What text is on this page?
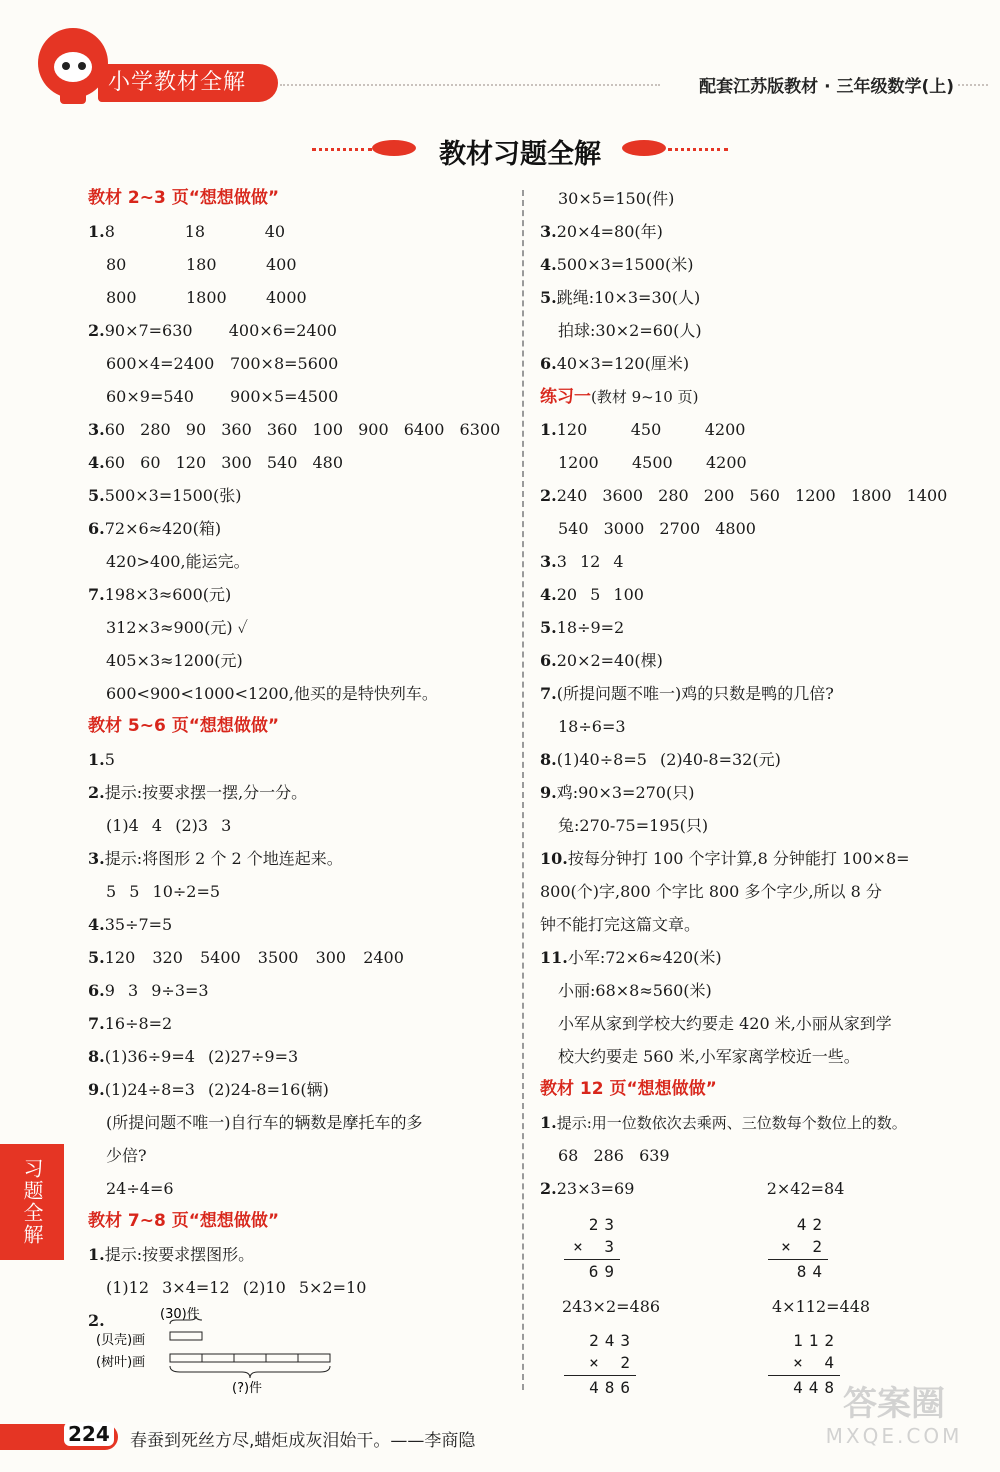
小学教材全解	配套江苏版教材 · 三年级数学(上)
教材习题全解
教材 2~3 页“想想做做”
1.8	18	40
80	180	400
800	1800 4000
2.90×7=630 400×6=2400
600×4=2400 700×8=5600
60×9=540 900×5=4500
3.60 280 90 360 360 100 900 6400 6300
4.60 60 120 300 540 480
5.500×3=1500(张)
6.72×6≈420(箱)
420>400,能运完。
7.198×3≈600(元)
312×3≈900(元) ✓
405×3≈1200(元)
600<900<1000<1200,他买的是特快列车。
教材 5~6 页“想想做做”
1.5
2.提示:按要求摆一摆,分一分。
(1)4 4 (2)3 3
3.提示:将图形 2 个 2 个地连起来。
5 5 10÷2=5
4.35÷7=5
5.120 320 5400 3500 300 2400
6.9 3 9÷3=3
7.16÷8=2
8.(1)36÷9=4 (2)27÷9=3
9.(1)24÷8=3 (2)24-8=16(辆)
(所提问题不唯一)自行车的辆数是摩托车的多
少倍?
24÷4=6
教材 7~8 页“想想做做”
1.提示:按要求摆图形。
(1)12 3×4=12 (2)10 5×2=10
2.	(30)件
(贝壳)画
(树叶)画
(?)件
30×5=150(件)
3.20×4=80(年)
4.500×3=1500(米)
5.跳绳:10×3=30(人)
拍球:30×2=60(人)
6.40×3=120(厘米)
练习一(教材 9~10 页)
1.120	450	4200
1200 4500 4200
2.240 3600 280 200 560 1200 1800 1400
540 3000 2700 4800
3.3 12 4
4.20 5 100
5.18÷9=2
6.20×2=40(棵)
7.(所提问题不唯一)鸡的只数是鸭的几倍?
18÷6=3
8.(1)40÷8=5 (2)40-8=32(元)
9.鸡:90×3=270(只)
兔:270-75=195(只)
10.按每分钟打 100 个字计算,8 分钟能打 100×8=
800(个)字,800 个字比 800 多个字少,所以 8 分
钟不能打完这篇文章。
11.小军:72×6≈420(米)
小丽:68×8≈560(米)
小军从家到学校大约要走 420 米,小丽从家到学
校大约要走 560 米,小军家离学校近一些。
教材 12 页“想想做做”
1.提示:用一位数依次去乘两、三位数每个数位上的数。
68 286 639
2.23×3=69	2×42=84
23
× 3
69
42
× 2
84
243×2=486	4×112=448
243
× 2
486
112
× 4
448
习题全解
224 春蚕到死丝方尽,蜡炬成灰泪始干。——李商隐
答案圈
MXQE.COM
